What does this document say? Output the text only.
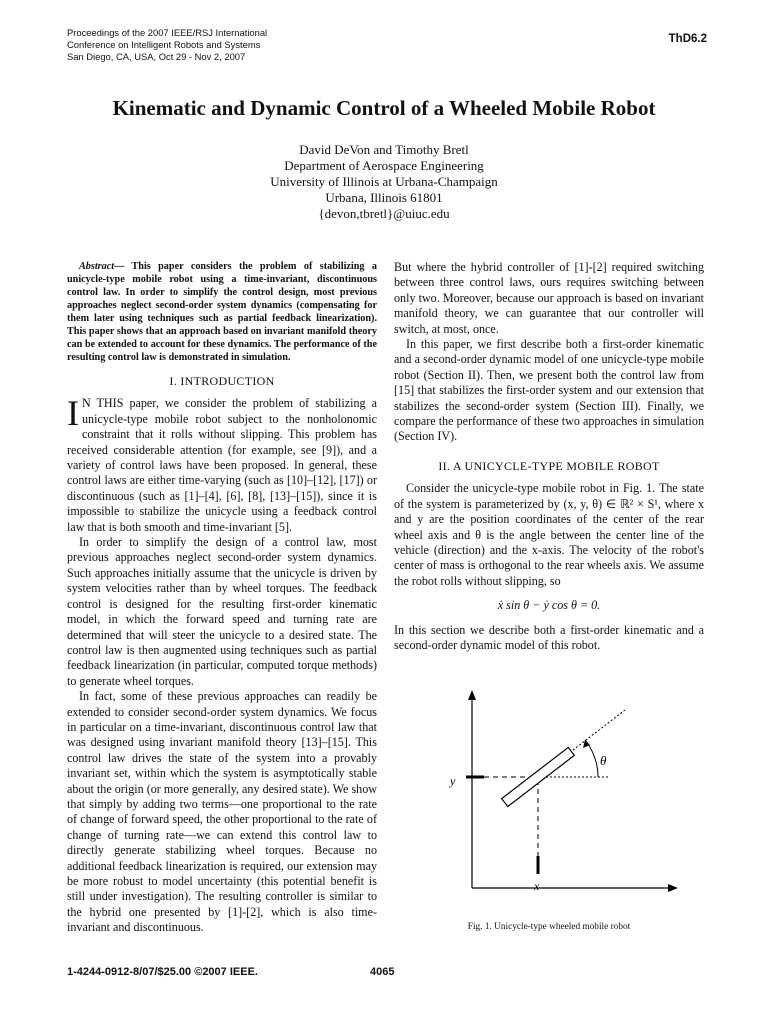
Proceedings of the 2007 IEEE/RSJ International
Conference on Intelligent Robots and Systems
San Diego, CA, USA, Oct 29 - Nov 2, 2007
ThD6.2
Kinematic and Dynamic Control of a Wheeled Mobile Robot
David DeVon and Timothy Bretl
Department of Aerospace Engineering
University of Illinois at Urbana-Champaign
Urbana, Illinois 61801
{devon,tbretl}@uiuc.edu

Abstract— This paper considers the problem of stabilizing a unicycle-type mobile robot using a time-invariant, discontinuous control law. In order to simplify the control design, most previous approaches neglect second-order system dynamics (compensating for them later using techniques such as partial feedback linearization). This paper shows that an approach based on invariant manifold theory can be extended to account for these dynamics. The performance of the resulting control law is demonstrated in simulation.

I. INTRODUCTION

I N THIS paper, we consider the problem of stabilizing a unicycle-type mobile robot subject to the nonholonomic constraint that it rolls without slipping. This problem has received considerable attention (for example, see [9]), and a variety of control laws have been proposed. In general, these control laws are either time-varying (such as [10]–[12], [17]) or discontinuous (such as [1]–[4], [6], [8], [13]–[15]), since it is impossible to stabilize the unicycle using a feedback control law that is both smooth and time-invariant [5].

In order to simplify the design of a control law, most previous approaches neglect second-order system dynamics. Such approaches initially assume that the unicycle is driven by system velocities rather than by wheel torques. The feedback control is designed for the resulting first-order kinematic model, in which the forward speed and turning rate are determined that will steer the unicycle to a desired state. The control law is then augmented using techniques such as partial feedback linearization (in particular, computed torque methods) to generate wheel torques.

In fact, some of these previous approaches can readily be extended to consider second-order system dynamics. We focus in particular on a time-invariant, discontinuous control law that was designed using invariant manifold theory [13]–[15]. This control law drives the state of the system into a provably invariant set, within which the system is asymptotically stable about the origin (or more generally, any desired state). We show that simply by adding two terms—one proportional to the rate of change of forward speed, the other proportional to the rate of change of turning rate—we can extend this control law to directly generate stabilizing wheel torques. Because no additional feedback linearization is required, our extension may be more robust to model uncertainty (this potential benefit is still under investigation). The resulting controller is similar to the hybrid one presented by [1]-[2], which is also time-invariant and discontinuous.

But where the hybrid controller of [1]-[2] required switching between three control laws, ours requires switching between only two. Moreover, because our approach is based on invariant manifold theory, we can guarantee that our controller will switch, at most, once.

In this paper, we first describe both a first-order kinematic and a second-order dynamic model of one unicycle-type mobile robot (Section II). Then, we present both the control law from [15] that stabilizes the first-order system and our extension that stabilizes the second-order system (Section III). Finally, we compare the performance of these two approaches in simulation (Section IV).

II. A UNICYCLE-TYPE MOBILE ROBOT

Consider the unicycle-type mobile robot in Fig. 1. The state of the system is parameterized by (x, y, θ) ∈ ℝ² × S¹, where x and y are the position coordinates of the center of the rear wheel axis and θ is the angle between the center line of the vehicle (direction) and the x-axis. The velocity of the robot's center of mass is orthogonal to the rear wheels axis. We assume the robot rolls without slipping, so

ẋ sin θ − ẏ cos θ = 0.

In this section we describe both a first-order kinematic and a second-order dynamic model of this robot.

θ
y
x
Fig. 1. Unicycle-type wheeled mobile robot
1-4244-0912-8/07/$25.00 ©2007 IEEE.	4065
